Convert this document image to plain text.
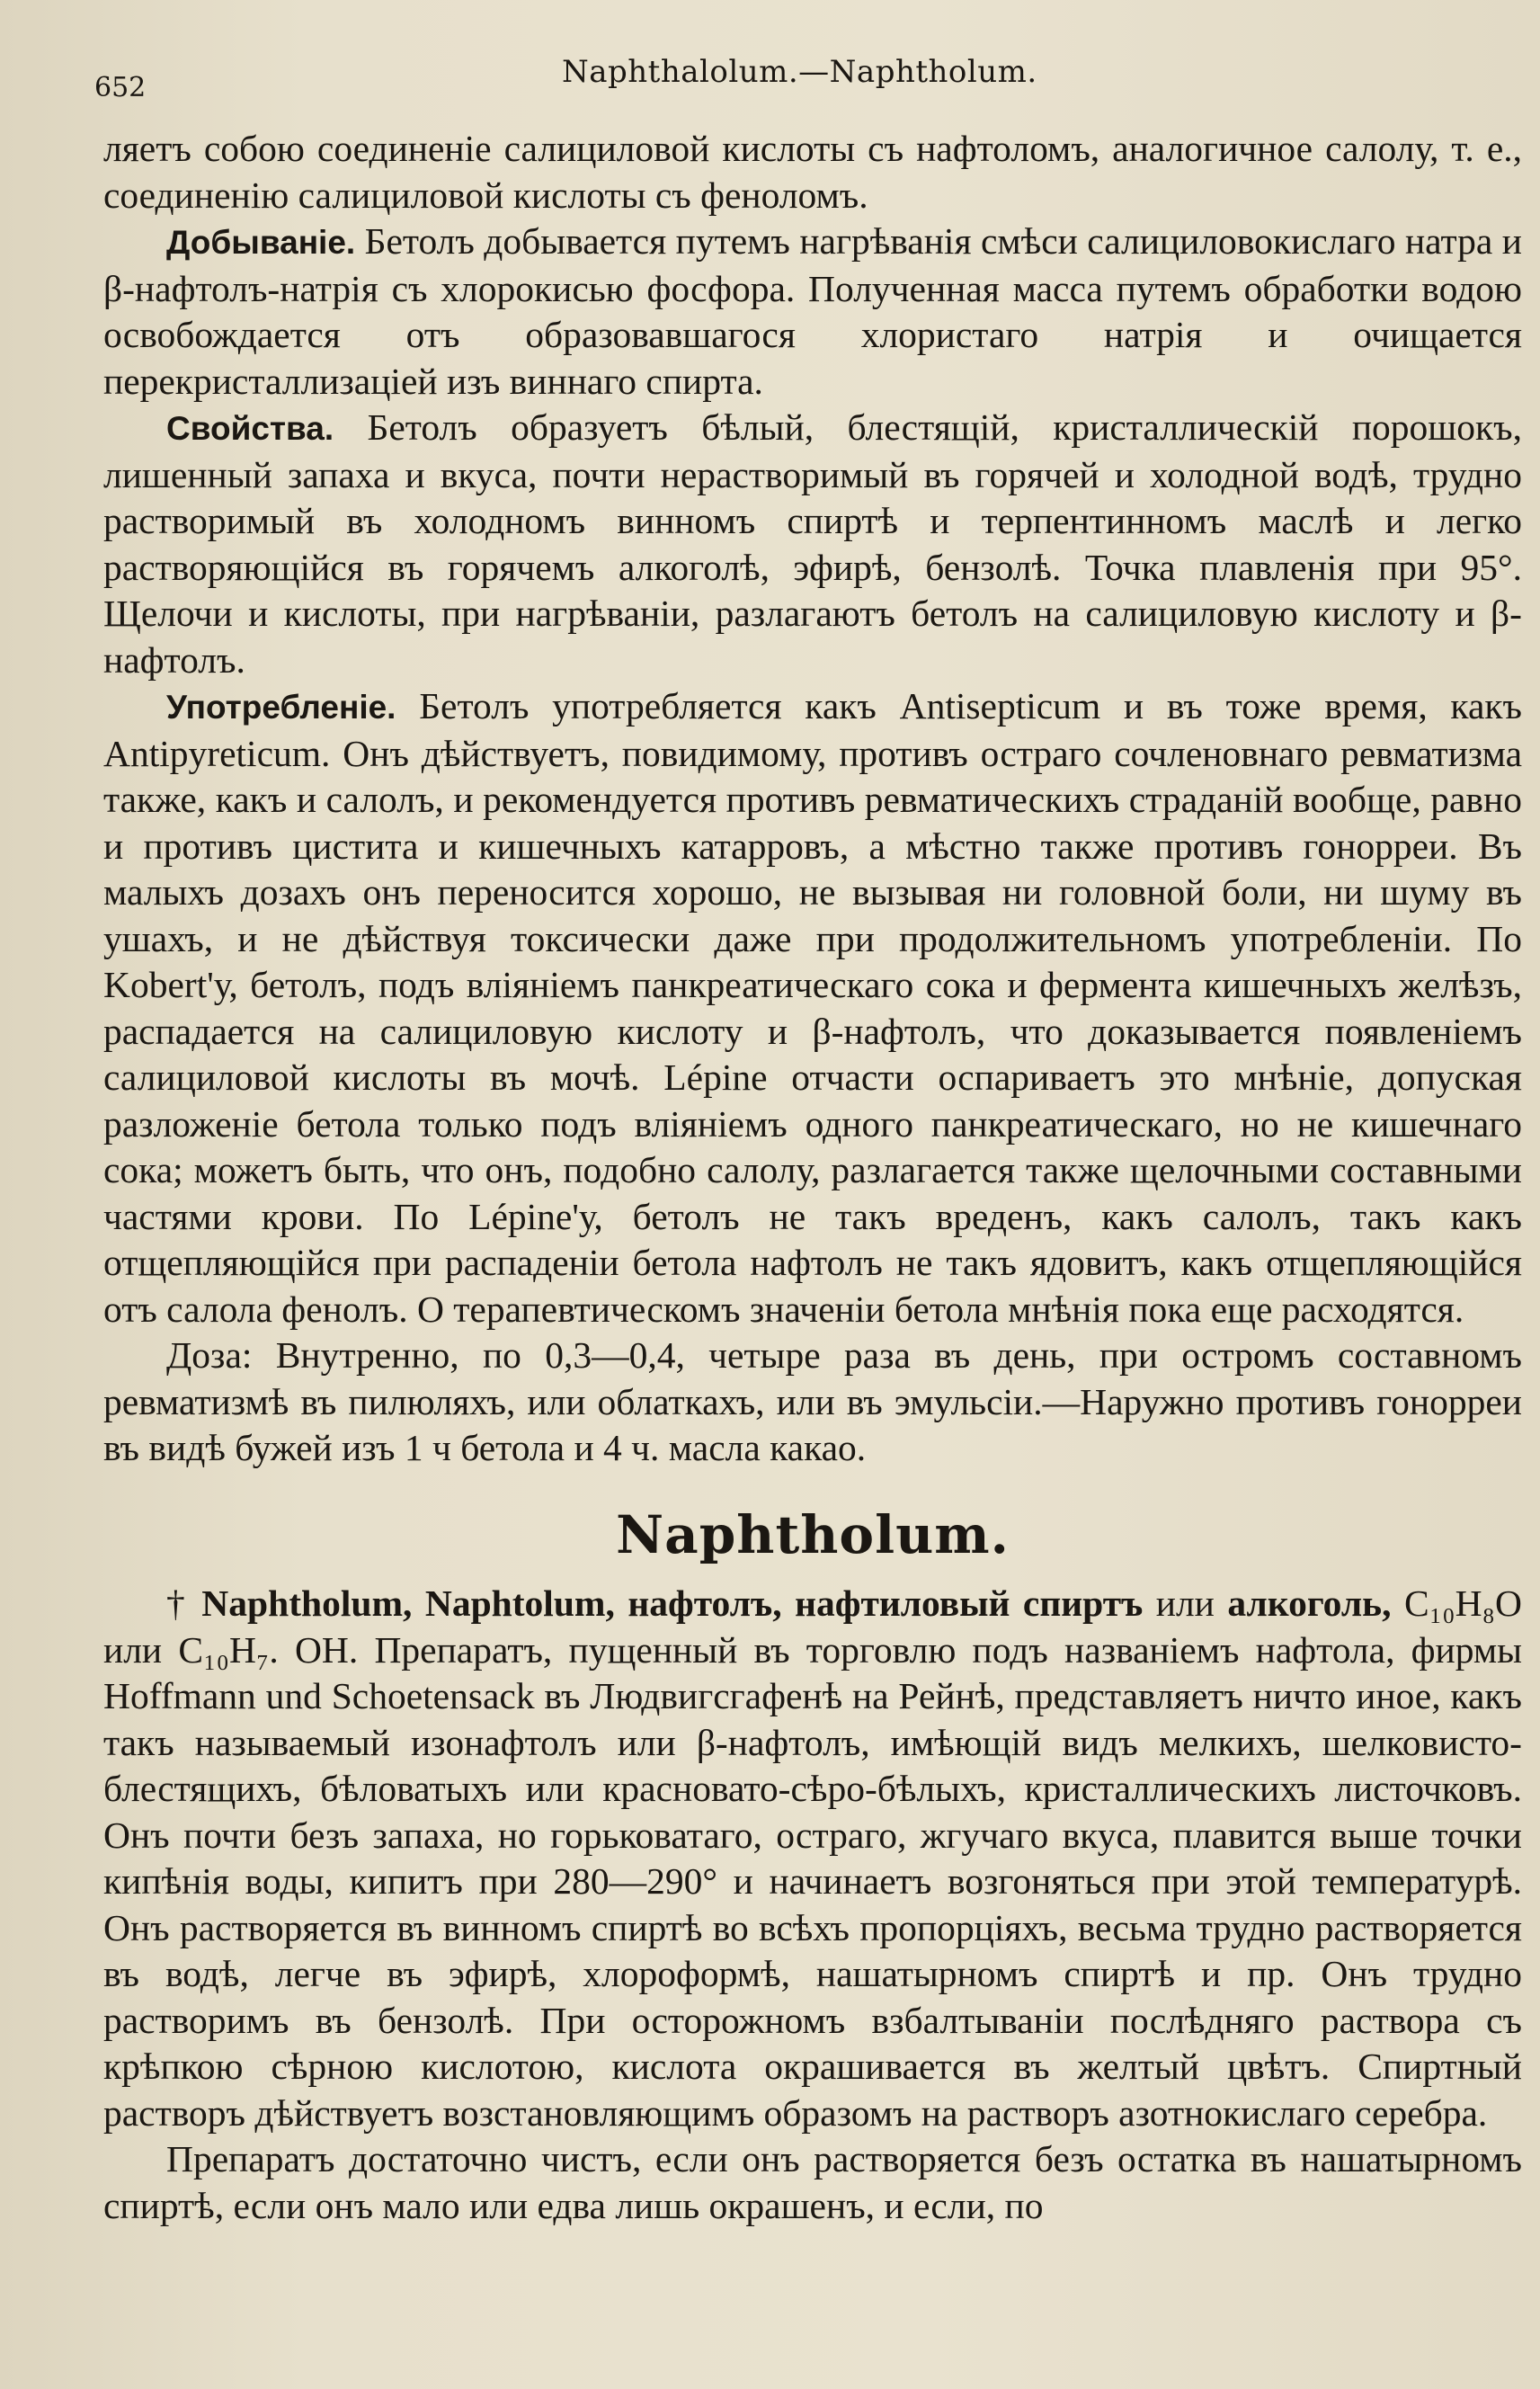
652	Naphthalolum.—Naphtholum.

ляетъ собою соединеніе салициловой кислоты съ нафтоломъ, аналогичное салолу, т. е., соединенію салициловой кислоты съ феноломъ.

Добываніе. Бетолъ добывается путемъ нагрѣванія смѣси салициловокислаго натра и β-нафтолъ-натрія съ хлорокисью фосфора. Полученная масса путемъ обработки водою освобождается отъ образовавшагося хлористаго натрія и очищается перекристаллизаціей изъ виннаго спирта.

Свойства. Бетолъ образуетъ бѣлый, блестящій, кристаллическій порошокъ, лишенный запаха и вкуса, почти нерастворимый въ горячей и холодной водѣ, трудно растворимый въ холодномъ винномъ спиртѣ и терпентинномъ маслѣ и легко растворяющійся въ горячемъ алкоголѣ, эфирѣ, бензолѣ. Точка плавленія при 95°. Щелочи и кислоты, при нагрѣваніи, разлагаютъ бетолъ на салициловую кислоту и β-нафтолъ.

Употребленіе. Бетолъ употребляется какъ Antisepticum и въ тоже время, какъ Antipyreticum. Онъ дѣйствуетъ, повидимому, противъ остраго сочленовнаго ревматизма также, какъ и салолъ, и рекомендуется противъ ревматическихъ страданій вообще, равно и противъ цистита и кишечныхъ катарровъ, а мѣстно также противъ гонорреи. Въ малыхъ дозахъ онъ переносится хорошо, не вызывая ни головной боли, ни шуму въ ушахъ, и не дѣйствуя токсически даже при продолжительномъ употребленіи. По Kobert'у, бетолъ, подъ вліяніемъ панкреатическаго сока и фермента кишечныхъ желѣзъ, распадается на салициловую кислоту и β-нафтолъ, что доказывается появленіемъ салициловой кислоты въ мочѣ. Lépine отчасти оспариваетъ это мнѣніе, допуская разложеніе бетола только подъ вліяніемъ одного панкреатическаго, но не кишечнаго сока; можетъ быть, что онъ, подобно салолу, разлагается также щелочными составными частями крови. По Lépine'у, бетолъ не такъ вреденъ, какъ салолъ, такъ какъ отщепляющійся при распаденіи бетола нафтолъ не такъ ядовитъ, какъ отщепляющійся отъ салола фенолъ. О терапевтическомъ значеніи бетола мнѣнія пока еще расходятся.

Доза: Внутренно, по 0,3—0,4, четыре раза въ день, при остромъ составномъ ревматизмѣ въ пилюляхъ, или облаткахъ, или въ эмульсіи.—Наружно противъ гонорреи въ видѣ бужей изъ 1 ч бетола и 4 ч. масла какао.

Naphtholum.

† Naphtholum, Naphtolum, нафтолъ, нафтиловый спиртъ или алкоголь, C₁₀H₈O или C₁₀H₇. OH. Препаратъ, пущенный въ торговлю подъ названіемъ нафтола, фирмы Hoffmann und Schoetensack въ Людвигсгафенѣ на Рейнѣ, представляетъ ничто иное, какъ такъ называемый изонафтолъ или β-нафтолъ, имѣющій видъ мелкихъ, шелковисто-блестящихъ, бѣловатыхъ или красновато-сѣро-бѣлыхъ, кристаллическихъ листочковъ. Онъ почти безъ запаха, но горьковатаго, остраго, жгучаго вкуса, плавится выше точки кипѣнія воды, кипитъ при 280—290° и начинаетъ возгоняться при этой температурѣ. Онъ растворяется въ винномъ спиртѣ во всѣхъ пропорціяхъ, весьма трудно растворяется въ водѣ, легче въ эфирѣ, хлороформѣ, нашатырномъ спиртѣ и пр. Онъ трудно растворимъ въ бензолѣ. При осторожномъ взбалтываніи послѣдняго раствора съ крѣпкою сѣрною кислотою, кислота окрашивается въ желтый цвѣтъ. Спиртный растворъ дѣйствуетъ возстановляющимъ образомъ на растворъ азотнокислаго серебра.

Препаратъ достаточно чистъ, если онъ растворяется безъ остатка въ нашатырномъ спиртѣ, если онъ мало или едва лишь окрашенъ, и если, по
